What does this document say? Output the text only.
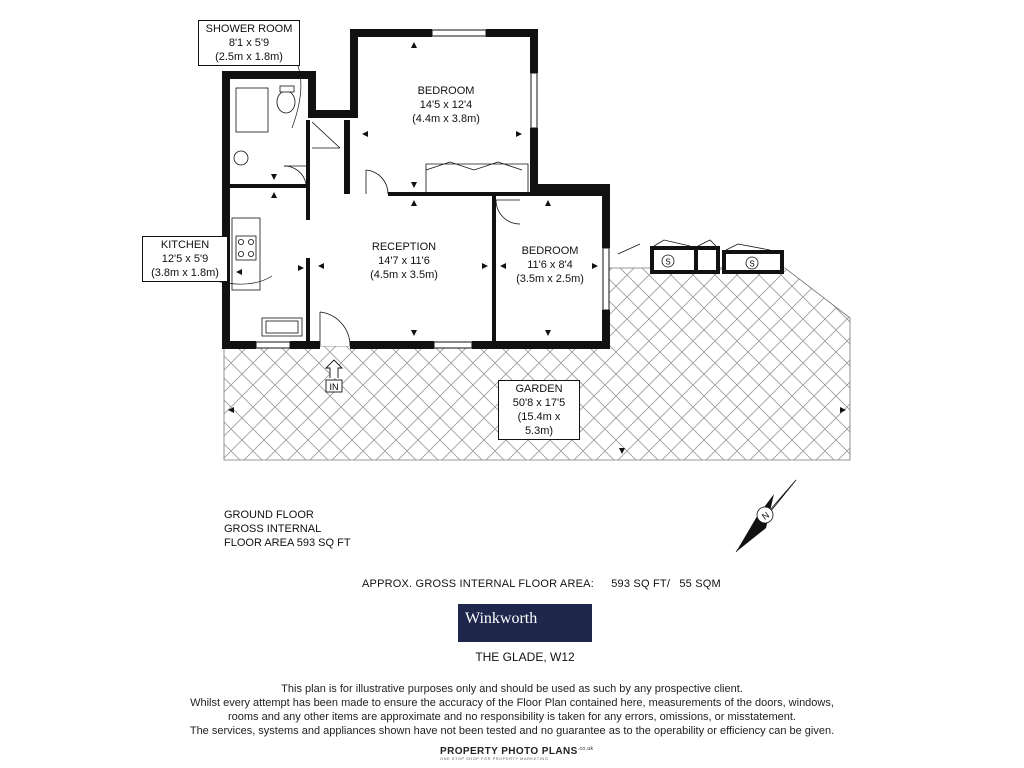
S	S
IN
N
SHOWER ROOM
8'1 x 5'9
(2.5m x 1.8m)
BEDROOM
14'5 x 12'4
(4.4m x 3.8m)
KITCHEN
12'5 x 5'9
(3.8m x 1.8m)
RECEPTION
14'7 x 11'6
(4.5m x 3.5m)
BEDROOM
11'6 x 8'4
(3.5m x 2.5m)
GARDEN
50'8 x 17'5
(15.4m x 5.3m)
GROUND FLOOR
GROSS INTERNAL
FLOOR AREA 593 SQ FT
APPROX. GROSS INTERNAL FLOOR AREA: 593 SQ FT/ 55 SQM
Winkworth
THE GLADE, W12
This plan is for illustrative purposes only and should be used as such by any prospective client.
Whilst every attempt has been made to ensure the accuracy of the Floor Plan contained here, measurements of the doors, windows,
rooms and any other items are approximate and no responsibility is taken for any errors, omissions, or misstatement.
The services, systems and appliances shown have not been tested and no guarantee as to the operability or efficiency can be given.
PROPERTY PHOTO $PLANS^{.co.uk}$
ONE STOP SHOP FOR PROPERTY MARKETING
